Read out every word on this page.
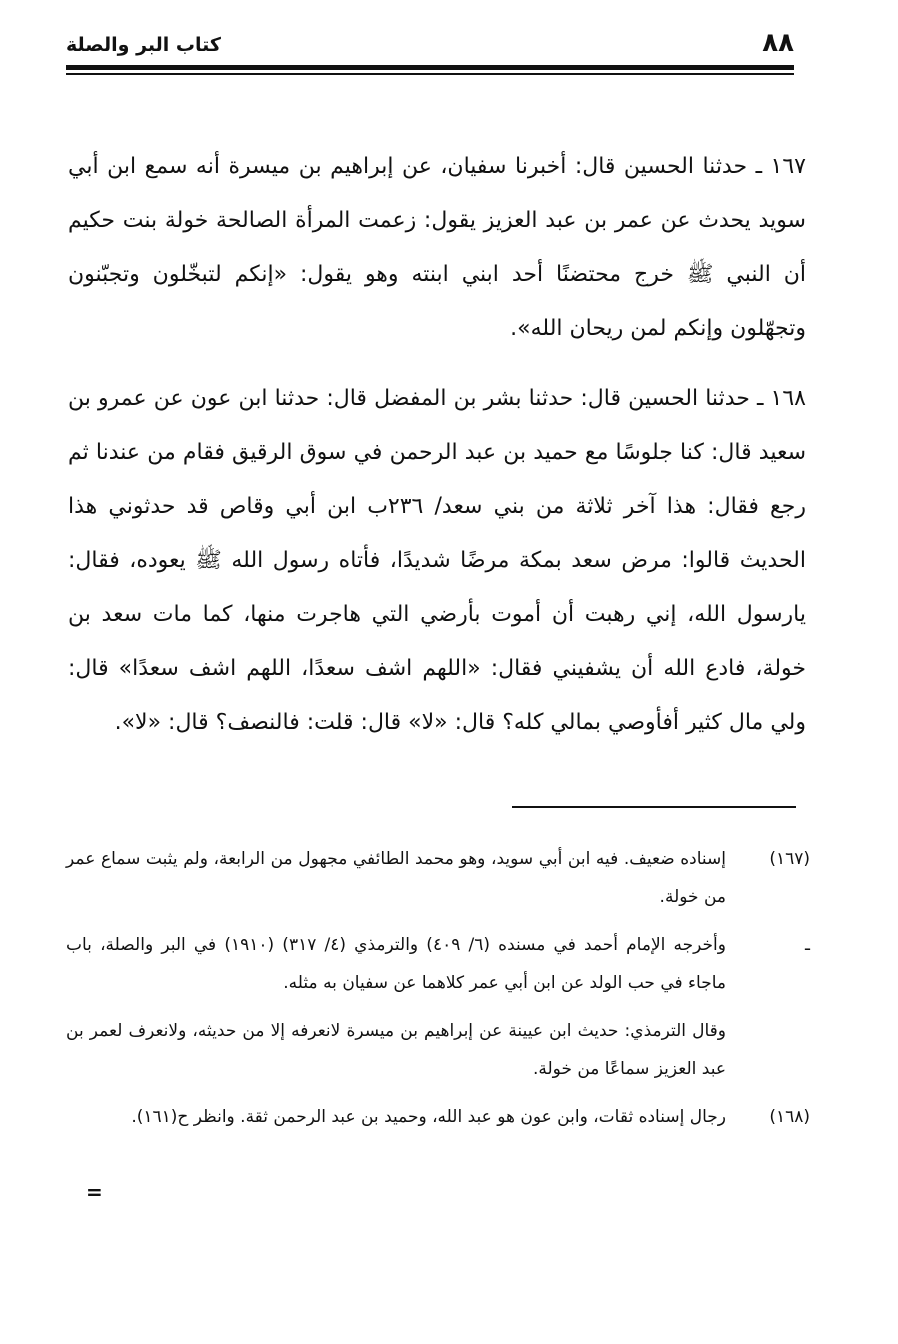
كتاب البر والصلة	٨٨

١٦٧ ـ حدثنا الحسين قال: أخبرنا سفيان، عن إبراهيم بن ميسرة أنه سمع ابن أبي سويد يحدث عن عمر بن عبد العزيز يقول: زعمت المرأة الصالحة خولة بنت حكيم أن النبي ﷺ خرج محتضنًا أحد ابني ابنته وهو يقول: «إنكم لتبخّلون وتجبّنون وتجهّلون وإنكم لمن ريحان الله».

١٦٨ ـ حدثنا الحسين قال: حدثنا بشر بن المفضل قال: حدثنا ابن عون عن عمرو بن سعيد قال: كنا جلوسًا مع حميد بن عبد الرحمن في سوق الرقيق فقام من عندنا ثم رجع فقال: هذا آخر ثلاثة من بني سعد/ ٢٣٦ب ابن أبي وقاص قد حدثوني هذا الحديث قالوا: مرض سعد بمكة مرضًا شديدًا، فأتاه رسول الله ﷺ يعوده، فقال: يارسول الله، إني رهبت أن أموت بأرضي التي هاجرت منها، كما مات سعد بن خولة، فادع الله أن يشفيني فقال: «اللهم اشف سعدًا، اللهم اشف سعدًا» قال: ولي مال كثير أفأوصي بمالي كله؟ قال: «لا» قال: قلت: فالنصف؟ قال: «لا».

(١٦٧)
إسناده ضعيف. فيه ابن أبي سويد، وهو محمد الطائفي مجهول من الرابعة، ولم يثبت سماع عمر من خولة.
ـ
وأخرجه الإمام أحمد في مسنده (٦/ ٤٠٩) والترمذي (٤/ ٣١٧) (١٩١٠) في البر والصلة، باب ماجاء في حب الولد عن ابن أبي عمر كلاهما عن سفيان به مثله.
وقال الترمذي: حديث ابن عيينة عن إبراهيم بن ميسرة لانعرفه إلا من حديثه، ولانعرف لعمر بن عبد العزيز سماعًا من خولة.
(١٦٨)
رجال إسناده ثقات، وابن عون هو عبد الله، وحميد بن عبد الرحمن ثقة. وانظر ح(١٦١).
=
